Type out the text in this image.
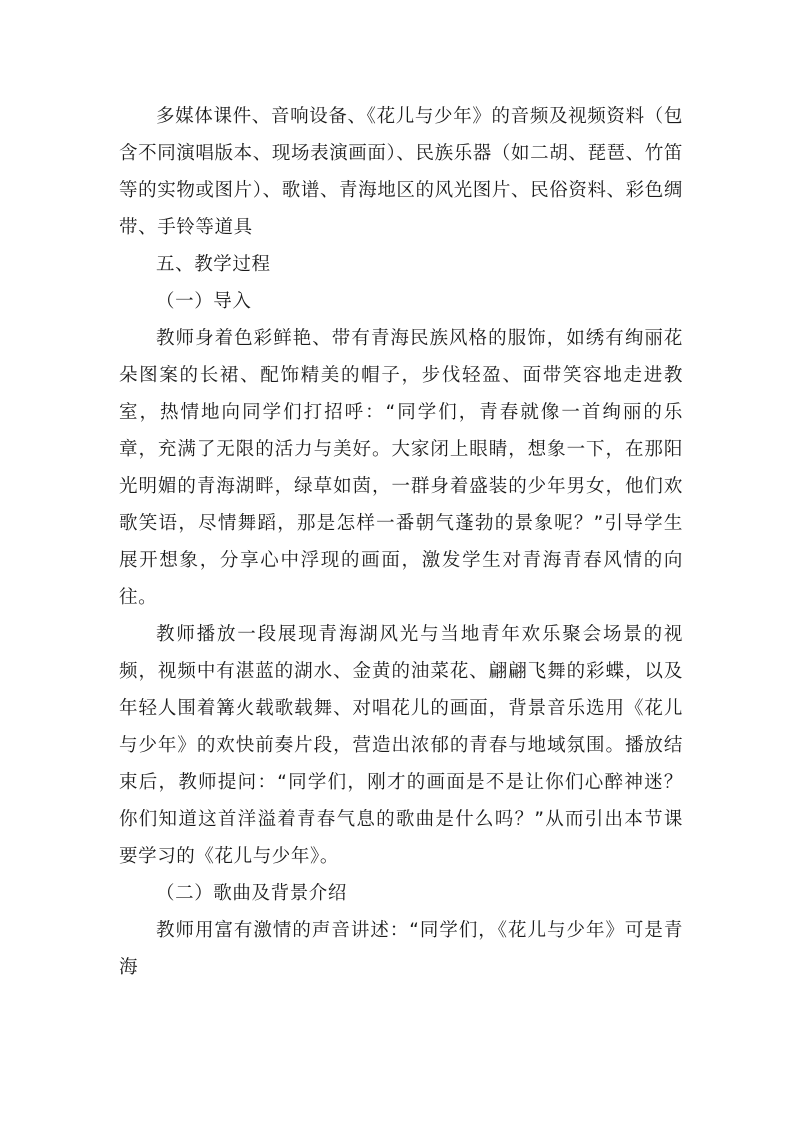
多媒体课件、音响设备、《花儿与少年》的音频及视频资料（包含不同演唱版本、现场表演画面）、民族乐器（如二胡、琵琶、竹笛等的实物或图片）、歌谱、青海地区的风光图片、民俗资料、彩色绸带、手铃等道具

五、教学过程

（一）导入

教师身着色彩鲜艳、带有青海民族风格的服饰，如绣有绚丽花朵图案的长裙、配饰精美的帽子，步伐轻盈、面带笑容地走进教室，热情地向同学们打招呼：“同学们，青春就像一首绚丽的乐章，充满了无限的活力与美好。大家闭上眼睛，想象一下，在那阳光明媚的青海湖畔，绿草如茵，一群身着盛装的少年男女，他们欢歌笑语，尽情舞蹈，那是怎样一番朝气蓬勃的景象呢？”引导学生展开想象，分享心中浮现的画面，激发学生对青海青春风情的向往。

教师播放一段展现青海湖风光与当地青年欢乐聚会场景的视频，视频中有湛蓝的湖水、金黄的油菜花、翩翩飞舞的彩蝶，以及年轻人围着篝火载歌载舞、对唱花儿的画面，背景音乐选用《花儿与少年》的欢快前奏片段，营造出浓郁的青春与地域氛围。播放结束后，教师提问：“同学们，刚才的画面是不是让你们心醉神迷？你们知道这首洋溢着青春气息的歌曲是什么吗？”从而引出本节课要学习的《花儿与少年》。

（二）歌曲及背景介绍

教师用富有激情的声音讲述：“同学们，《花儿与少年》可是青海
